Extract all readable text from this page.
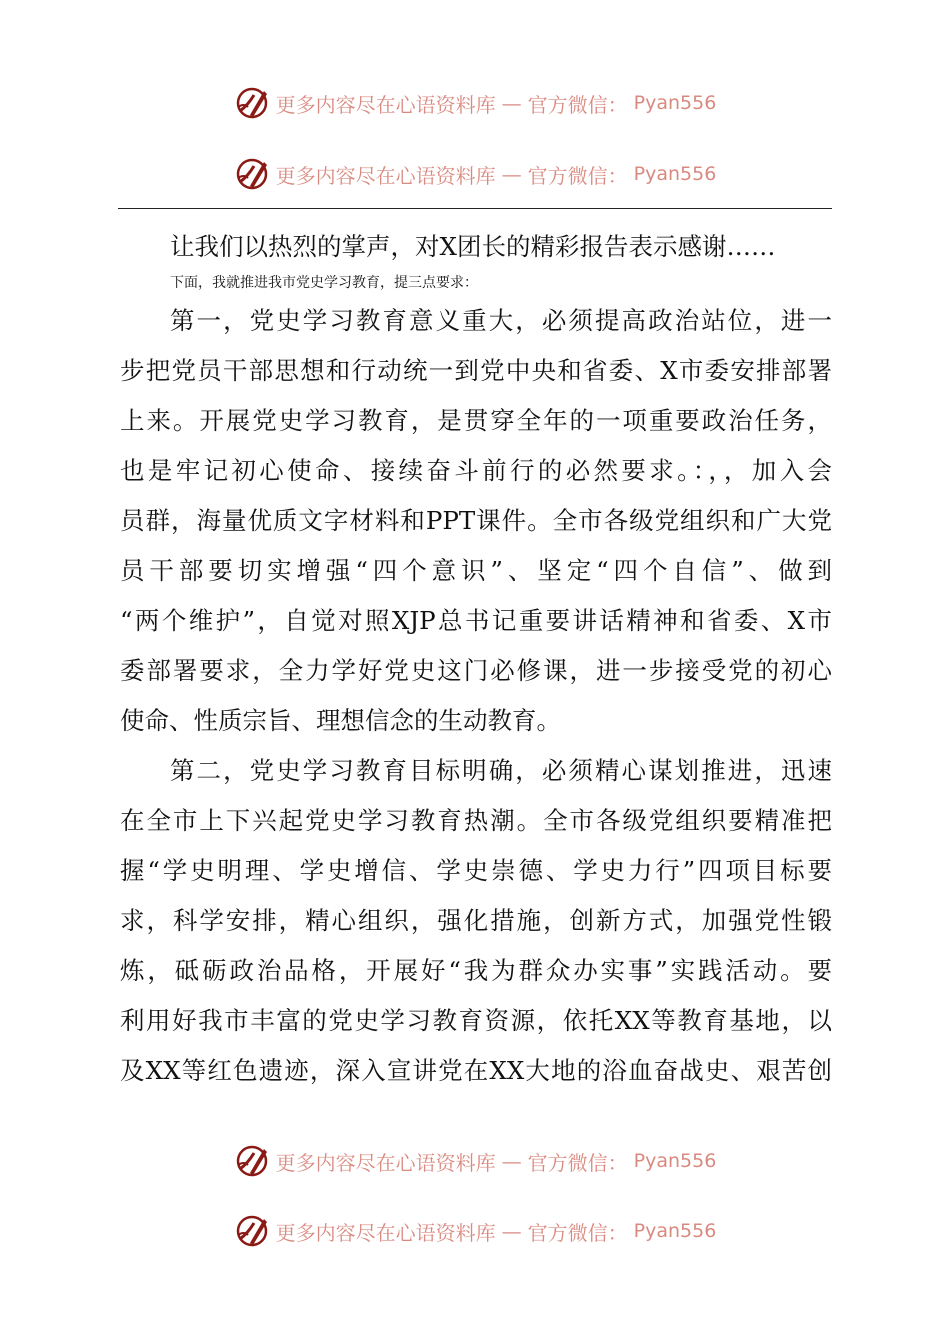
更多内容尽在心语资料库 — 官方微信： Pyan556
更多内容尽在心语资料库 — 官方微信： Pyan556
让我们以热烈的掌声，对X团长的精彩报告表示感谢……
下面，我就推进我市党史学习教育，提三点要求：
第一，党史学习教育意义重大，必须提高政治站位，进一
步把党员干部思想和行动统一到党中央和省委、X市委安排部署
上来。开展党史学习教育，是贯穿全年的一项重要政治任务，
也是牢记初心使命、接续奋斗前行的必然要求。：，，加入会
员群，海量优质文字材料和PPT课件。全市各级党组织和广大党
员干部要切实增强“四个意识”、坚定“四个自信”、做到
“两个维护”，自觉对照XJP总书记重要讲话精神和省委、X市
委部署要求，全力学好党史这门必修课，进一步接受党的初心
使命、性质宗旨、理想信念的生动教育。
第二，党史学习教育目标明确，必须精心谋划推进，迅速
在全市上下兴起党史学习教育热潮。全市各级党组织要精准把
握“学史明理、学史增信、学史崇德、学史力行”四项目标要
求，科学安排，精心组织，强化措施，创新方式，加强党性锻
炼，砥砺政治品格，开展好“我为群众办实事”实践活动。要
利用好我市丰富的党史学习教育资源，依托XX等教育基地，以
及XX等红色遗迹，深入宣讲党在XX大地的浴血奋战史、艰苦创
更多内容尽在心语资料库 — 官方微信： Pyan556
更多内容尽在心语资料库 — 官方微信： Pyan556
